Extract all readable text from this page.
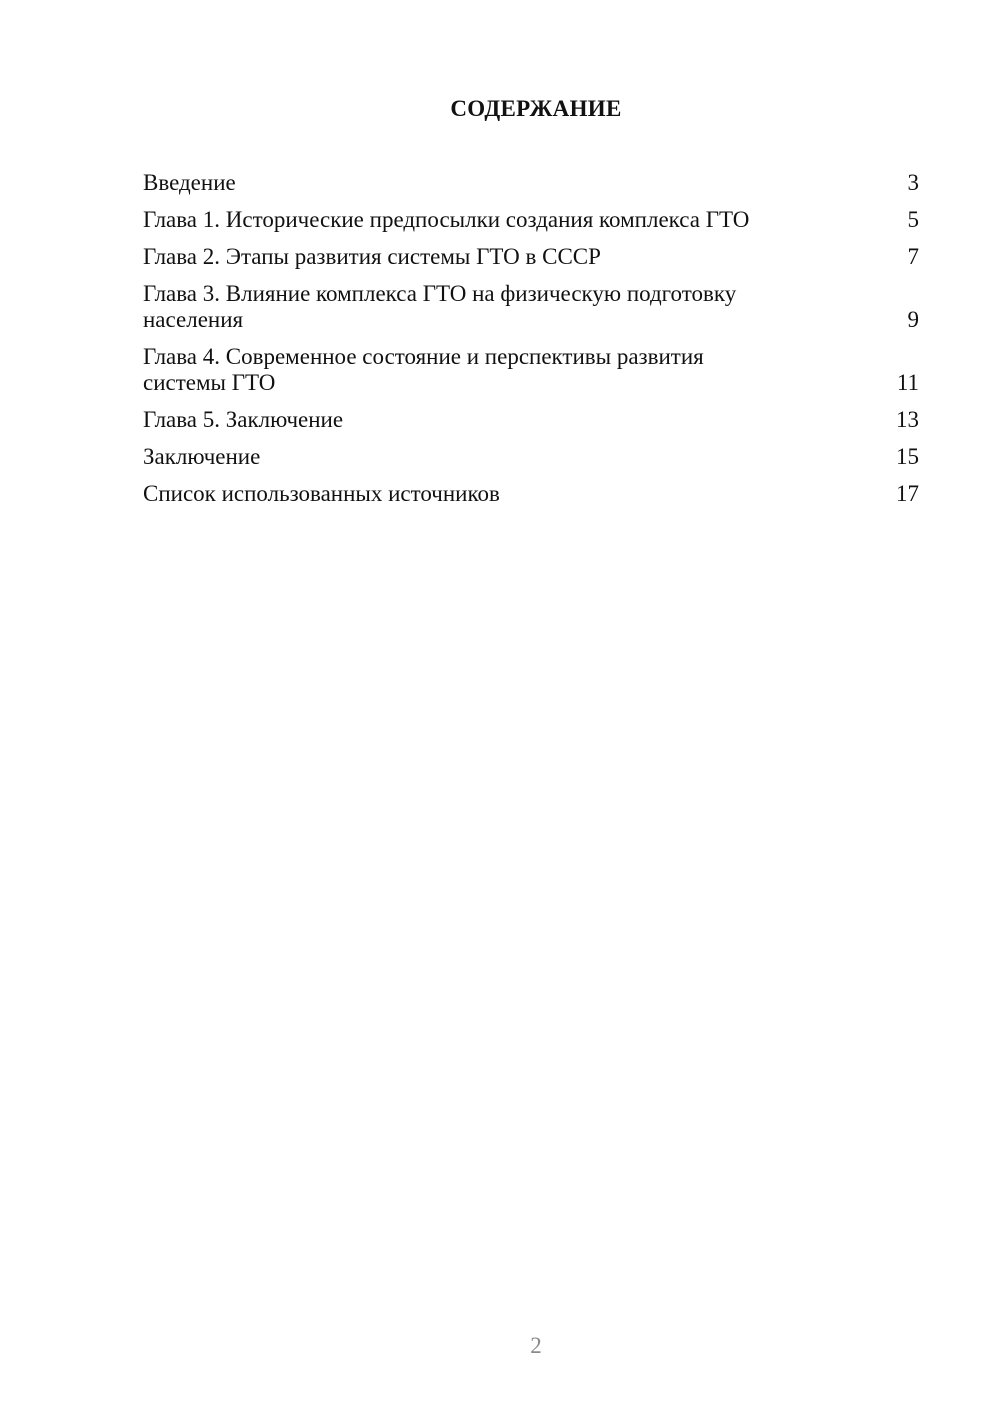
СОДЕРЖАНИЕ
Введение	3
Глава 1. Исторические предпосылки создания комплекса ГТО	5
Глава 2. Этапы развития системы ГТО в СССР	7
Глава 3. Влияние комплекса ГТО на физическую подготовку
населения	9
Глава 4. Современное состояние и перспективы развития
системы ГТО	11
Глава 5. Заключение	13
Заключение	15
Список использованных источников	17
2
